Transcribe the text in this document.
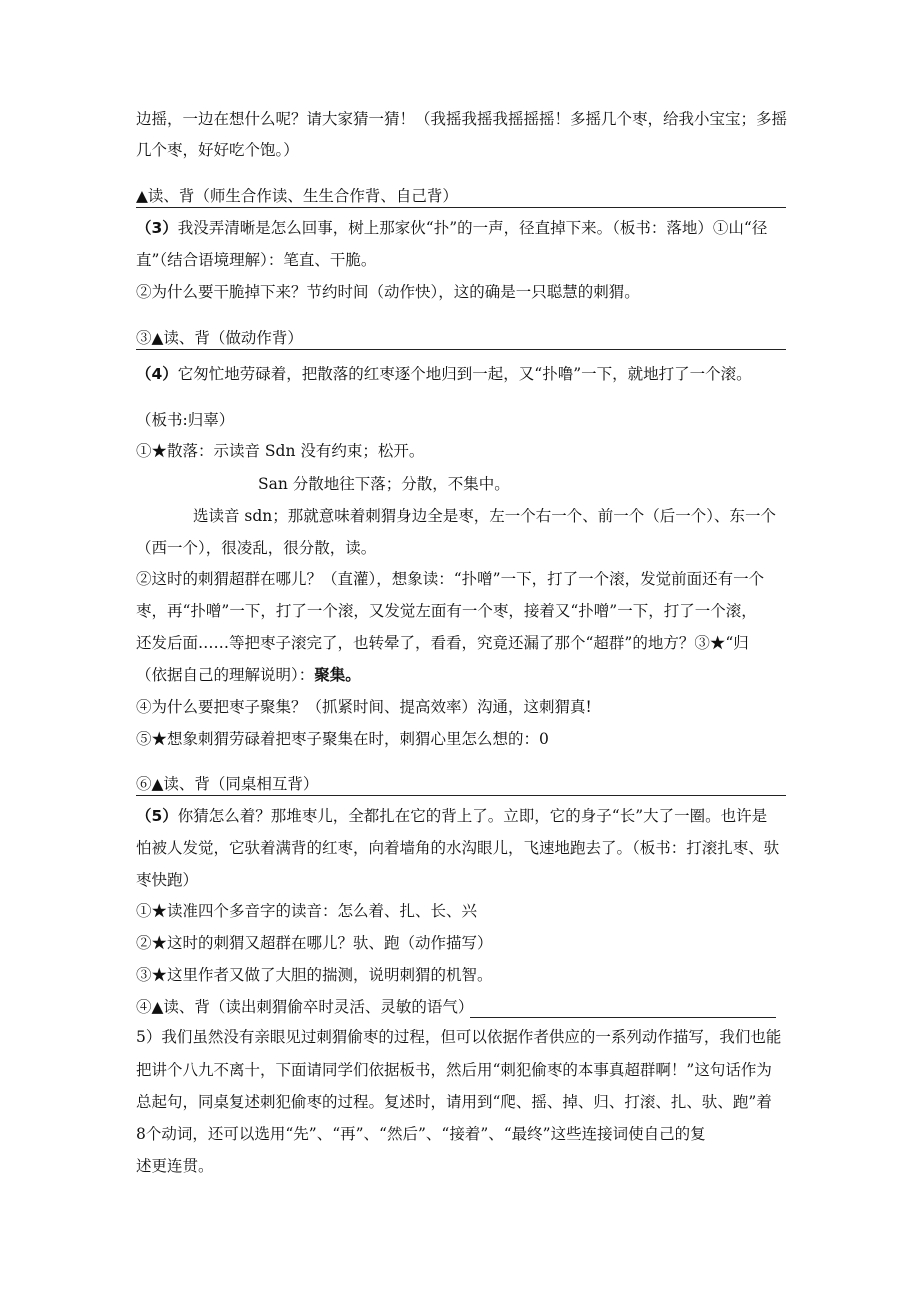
边摇，一边在想什么呢？请大家猜一猜！（我摇我摇我摇摇摇！多摇几个枣，给我小宝宝；多摇
几个枣，好好吃个饱。）
▲读、背（师生合作读、生生合作背、自己背）
（3）我没弄清晰是怎么回事，树上那家伙“扑”的一声，径直掉下来。（板书：落地）①山“径
直”（结合语境理解）：笔直、干脆。
②为什么要干脆掉下来？节约时间（动作快），这的确是一只聪慧的刺猬。
③▲读、背（做动作背）
（4）它匆忙地劳碌着，把散落的红枣逐个地归到一起，又“扑噜”一下，就地打了一个滚。
（板书:归辜）
①★散落：示读音 Sdn 没有约束；松开。
San 分散地往下落；分散，不集中。
选读音 sdn；那就意味着刺猬身边全是枣，左一个右一个、前一个（后一个）、东一个
（西一个），很凌乱，很分散，读。
②这时的刺猬超群在哪儿？（直灌），想象读：“扑噌”一下，打了一个滚，发觉前面还有一个
枣，再“扑噌”一下，打了一个滚，又发觉左面有一个枣，接着又“扑噌”一下，打了一个滚，
还发后面……等把枣子滚完了，也转晕了，看看，究竟还漏了那个“超群”的地方？③★“归
（依据自己的理解说明）：聚集。
④为什么要把枣子聚集？（抓紧时间、提高效率）沟通，这刺猬真!
⑤★想象刺猬劳碌着把枣子聚集在时，刺猬心里怎么想的：0
⑥▲读、背（同桌相互背）
（5）你猜怎么着？那堆枣儿，全都扎在它的背上了。立即，它的身子“长”大了一圈。也许是
怕被人发觉，它驮着满背的红枣，向着墙角的水沟眼儿，飞速地跑去了。（板书：打滚扎枣、驮
枣快跑）
①★读准四个多音字的读音：怎么着、扎、长、兴
②★这时的刺猬又超群在哪儿？驮、跑（动作描写）
③★这里作者又做了大胆的揣测，说明刺猬的机智。
④▲读、背（读出刺猬偷卒时灵活、灵敏的语气）
5）我们虽然没有亲眼见过刺猬偷枣的过程，但可以依据作者供应的一系列动作描写，我们也能
把讲个八九不离十，下面请同学们依据板书，然后用“刺犯偷枣的本事真超群啊！”这句话作为
总起句，同桌复述刺犯偷枣的过程。复述时，请用到“爬、摇、掉、归、打滚、扎、驮、跑”着
8个动词，还可以选用“先”、“再”、“然后”、“接着”、“最终”这些连接词使自己的复
述更连贯。
